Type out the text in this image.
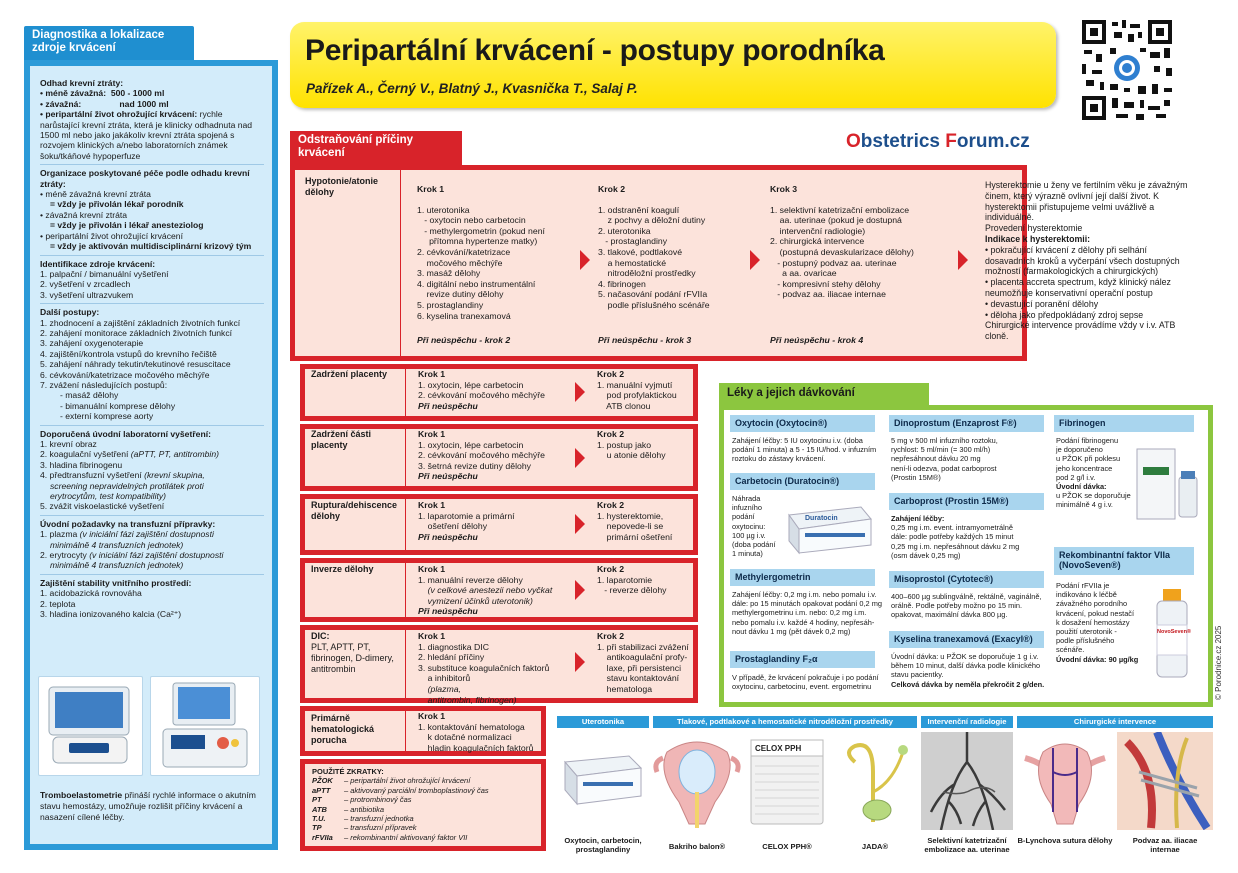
Diagnostika a lokalizace zdroje krvácení
Odhad krevní ztráty:
• méně závažná:  500 - 1000 ml
• závažná:                nad 1000 ml
• peripartální život ohrožující krvácení: rychle narůstající krevní ztráta, která je klinicky odhadnuta nad 1500 ml nebo jako jakákoliv krevní ztráta spojená s rozvojem klinických a/nebo laboratorních známek šoku/tkáňové hypoperfuze
Organizace poskytované péče podle odhadu krevní ztráty:
• méně závažná krevní ztráta
= vždy je přivolán lékař porodník
• závažná krevní ztráta
= vždy je přivolán i lékař anesteziolog
• peripartální život ohrožující krvácení
= vždy je aktivován multidisciplinární krizový tým
Identifikace zdroje krvácení:
1. palpační / bimanuální vyšetření
2. vyšetření v zrcadlech
3. vyšetření ultrazvukem
Další postupy:
1. zhodnocení a zajištění základních životních funkcí
2. zahájení monitorace základních životních funkcí
3. zahájení oxygenoterapie
4. zajištění/kontrola vstupů do krevního řečiště
5. zahájení náhrady tekutin/tekutinové resuscitace
6. cévkování/katetrizace močového měchýře
7. zvážení následujících postupů:
- masáž dělohy
- bimanuální komprese dělohy
- externí komprese aorty
Doporučená úvodní laboratorní vyšetření:
1. krevní obraz
2. koagulační vyšetření (aPTT, PT, antitrombin)
3. hladina fibrinogenu
4. předtransfuzní vyšetření (krevní skupina,
screening nepravidelných protilátek proti
erytrocytům, test kompatibility)
5. zvážit viskoelastické vyšetření
Úvodní požadavky na transfuzní přípravky:
1. plazma (v iniciální fázi zajištění dostupnosti
minimálně 4 transfuzních jednotek)
2. erytrocyty (v iniciální fázi zajištění dostupnosti
minimálně 4 transfuzních jednotek)
Zajištění stability vnitřního prostředí:
1. acidobazická rovnováha
2. teplota
3. hladina ionizovaného kalcia (Ca²⁺)
Tromboelastometrie přináší rychlé informace o akutním stavu hemostázy, umožňuje rozlišit příčiny krvácení a nasazení cílené léčby.
Peripartální krvácení - postupy porodníka
Pařízek A., Černý V., Blatný J., Kvasnička T., Salaj P.
Obstetrics Forum.cz
Odstraňování příčiny krvácení
Hypotonie/atonie dělohy	Krok 1
1. uterotonika
- oxytocin nebo carbetocin
- methylergometrin (pokud není
přítomna hypertenze matky)
2. cévkování/katetrizace
močového měchýře
3. masáž dělohy
4. digitální nebo instrumentální
revize dutiny dělohy
5. prostaglandiny
6. kyselina tranexamová
Při neúspěchu - krok 2
Krok 2
1. odstranění koagulí
z pochvy a děložní dutiny
2. uterotonika
- prostaglandiny
3. tlakové, podtlakové
a hemostatické
nitroděložní prostředky
4. fibrinogen
5. načasování podání rFVIIa
podle příslušného scénáře
Při neúspěchu - krok 3
Krok 3
1. selektivní katetrizační embolizace
aa. uterinae (pokud je dostupná
intervenční radiologie)
2. chirurgická intervence
(postupná devaskularizace dělohy)
- postupný podvaz aa. uterinae
a aa. ovaricae
- kompresivní stehy dělohy
- podvaz aa. iliacae internae
Při neúspěchu - krok 4
Hysterektomie u ženy ve fertilním věku je závažným činem, který výrazně ovlivní její další život. K hysterektomii přistupujeme velmi uvážlivě a individuálně.
Provedení hysterektomie
Indikace k hysterektomii:
• pokračující krvácení z dělohy při selhání dosavadních kroků a vyčerpání všech dostupných možností (farmakologických a chirurgických)
• placenta accreta spectrum, když klinický nález neumožňuje konservativní operační postup
• devastující poranění dělohy
• děloha jako předpokládaný zdroj sepse
Chirurgické intervence provádíme vždy v i.v. ATB cloně.
Zadržení placenty	Krok 1
1. oxytocin, lépe carbetocin
2. cévkování močového měchýře
Při neúspěchu
Krok 2
1. manuální vyjmutí
pod profylaktickou
ATB clonou
Zadržení části placenty
Krok 1
1. oxytocin, lépe carbetocin
2. cévkování močového měchýře
3. šetrná revize dutiny dělohy
Při neúspěchu
Krok 2
1. postup jako
u atonie dělohy
Ruptura/dehiscence dělohy
Krok 1
1. laparotomie a primární
ošetření dělohy
Při neúspěchu
Krok 2
1. hysterektomie,
nepovede-li se
primární ošetření
Inverze dělohy	Krok 1
1. manuální reverze dělohy
(v celkové anestezii nebo vyčkat
vymizení účinků uterotonik)
Při neúspěchu
Krok 2
1. laparotomie
- reverze dělohy
DIC:
PLT, APTT, PT, fibrinogen, D-dimery, antitrombin
Krok 1
1. diagnostika DIC
2. hledání příčiny
3. substituce koagulačních faktorů
a inhibitorů
(plazma,
antitrombin, fibrinogen)
Krok 2
1. při stabilizaci zvážení
antikoagulační profy-
laxe, při persistenci
stavu kontaktování
hematologa
Primárně hematologická porucha
Krok 1
1. kontaktování hematologa
k dotačné normalizaci
hladin koagulačních faktorů
POUŽITÉ ZKRATKY:
PŽOK – peripartální život ohrožující krvácení
aPTT – aktivovaný parciální tromboplastinový čas
PT	– protrombinový čas
ATB – antibiotika
T.U. – transfuzní jednotka
TP	– transfuzní přípravek
rFVIIa – rekombinantní aktivovaný faktor VII
Léky a jejich dávkování
Oxytocin (Oxytocin®)
Zahájení léčby: 5 IU oxytocinu i.v. (doba
podání 1 minuta) a 5 - 15 IU/hod. v infuzním
roztoku do zástavy krvácení.
Carbetocin (Duratocin®)
Náhrada
infuzního
podání
oxytocinu:
100 µg i.v.
(doba podání
1 minuta)
Duratocin
Methylergometrin
Zahájení léčby: 0,2 mg i.m. nebo pomalu i.v.
dále: po 15 minutách opakovat podání 0,2 mg
methylergometrinu i.m. nebo: 0,2 mg i.m.
nebo pomalu i.v. každé 4 hodiny, nepřesáh-
nout dávku 1 mg (pět dávek 0,2 mg)
Prostaglandiny F₂α
V případě, že krvácení pokračuje i po podání
oxytocinu, carbetocinu, event. ergometrinu
Dinoprostum (Enzaprost F®)
5 mg v 500 ml infuzního roztoku,
rychlost: 5 ml/min (= 300 ml/h)
nepřesáhnout dávku 20 mg
není-li odezva, podat carboprost
(Prostin 15M®)
Carboprost (Prostin 15M®)
Zahájení léčby:
0,25 mg i.m. event. intramyometrálně
dále: podle potřeby každých 15 minut
0,25 mg i.m. nepřesáhnout dávku 2 mg
(osm dávek 0,25 mg)
Misoprostol (Cytotec®)
400–600 µg sublingválně, rektálně, vaginálně,
orálně. Podle potřeby možno po 15 min.
opakovat, maximální dávka 800 µg.
Kyselina tranexamová (Exacyl®)
Úvodní dávka: u PŽOK se doporučuje 1 g i.v.
během 10 minut, další dávka podle klinického
stavu pacientky.
Celková dávka by neměla překročit 2 g/den.
Fibrinogen
Podání fibrinogenu
je doporučeno
u PŽOK při poklesu
jeho koncentrace
pod 2 g/l i.v.
Úvodní dávka:
u PŽOK se doporučuje
minimálně 4 g i.v.
Rekombinantní faktor VIIa (NovoSeven®)
Podání rFVIIa je
indikováno k léčbě
závažného porodního
krvácení, pokud nestačí
k dosažení hemostázy
použití uterotonik -
podle příslušného
scénáře.
Úvodní dávka: 90 µg/kg
NovoSeven®
Uterotonika	Tlakové, podtlakové a hemostatické nitroděložní prostředky	Intervenční radiologie	Chirurgické intervence
Oxytocin, carbetocin, prostaglandiny	Bakriho balon®
CELOX PPH
CELOX PPH®	JADA®
Selektivní katetrizační embolizace aa. uterinae
B-Lynchova sutura dělohy	Podvaz aa. iliacae internae
© Porodnice.cz 2025
